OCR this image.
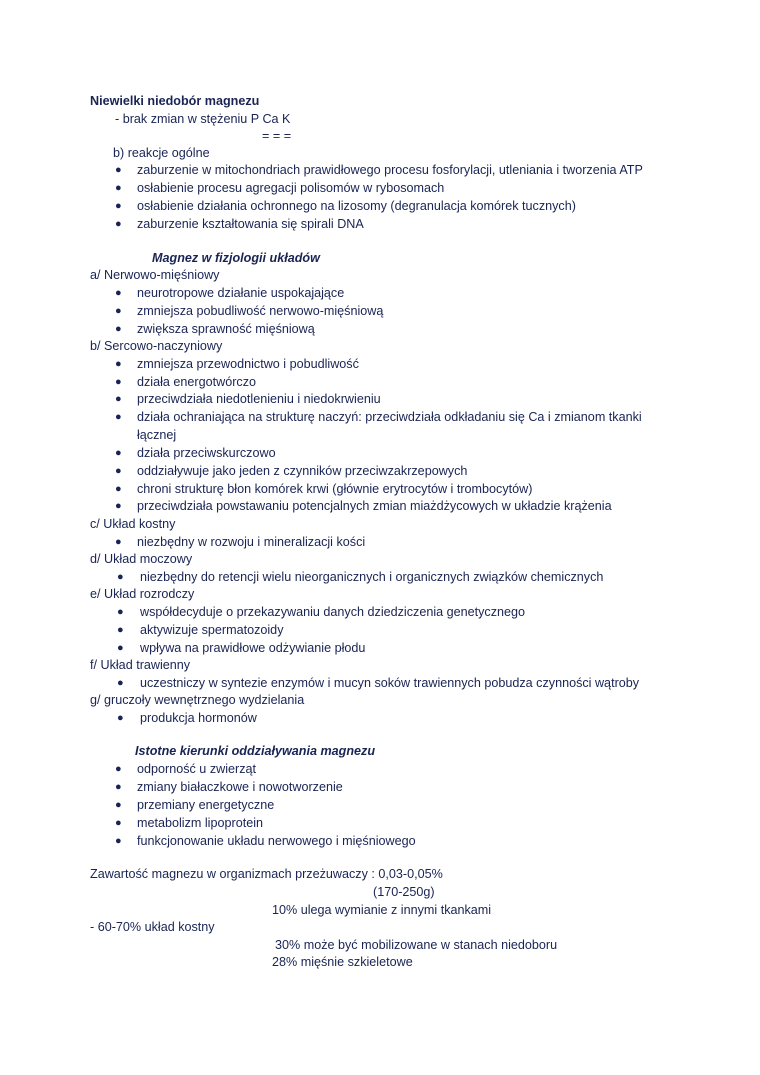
Niewielki niedobór magnezu
- brak zmian w stężeniu P Ca K
= = =
b) reakcje ogólne
● zaburzenie w mitochondriach prawidłowego procesu fosforylacji, utleniania i tworzenia ATP
● osłabienie procesu agregacji polisomów w rybosomach
● osłabienie działania ochronnego na lizosomy (degranulacja komórek tucznych)
● zaburzenie kształtowania się spirali DNA
Magnez w fizjologii układów
a/ Nerwowo-mięśniowy
● neurotropowe działanie uspokajające
● zmniejsza pobudliwość nerwowo-mięśniową
● zwiększa sprawność mięśniową
b/ Sercowo-naczyniowy
● zmniejsza przewodnictwo i pobudliwość
● działa energotwórczo
● przeciwdziała niedotlenieniu i niedokrwieniu
● działa ochraniająca na strukturę naczyń: przeciwdziała odkładaniu się Ca i zmianom tkanki
łącznej
● działa przeciwskurczowo
● oddziaływuje jako jeden z czynników przeciwzakrzepowych
● chroni strukturę błon komórek krwi (głównie erytrocytów i trombocytów)
● przeciwdziała powstawaniu potencjalnych zmian miażdżycowych w układzie krążenia
c/ Układ kostny
● niezbędny w rozwoju i mineralizacji kości
d/ Układ moczowy
● niezbędny do retencji wielu nieorganicznych i organicznych związków chemicznych
e/ Układ rozrodczy
● współdecyduje o przekazywaniu danych dziedziczenia genetycznego
● aktywizuje spermatozoidy
● wpływa na prawidłowe odżywianie płodu
f/ Układ trawienny
● uczestniczy w syntezie enzymów i mucyn soków trawiennych pobudza czynności wątroby
g/ gruczoły wewnętrznego wydzielania
● produkcja hormonów
Istotne kierunki oddziaływania magnezu
● odporność u zwierząt
● zmiany białaczkowe i nowotworzenie
● przemiany energetyczne
● metabolizm lipoprotein
● funkcjonowanie układu nerwowego i mięśniowego
Zawartość magnezu w organizmach przeżuwaczy : 0,03-0,05%
(170-250g)
10% ulega wymianie z innymi tkankami
- 60-70% układ kostny
30% może być mobilizowane w stanach niedoboru
28% mięśnie szkieletowe
